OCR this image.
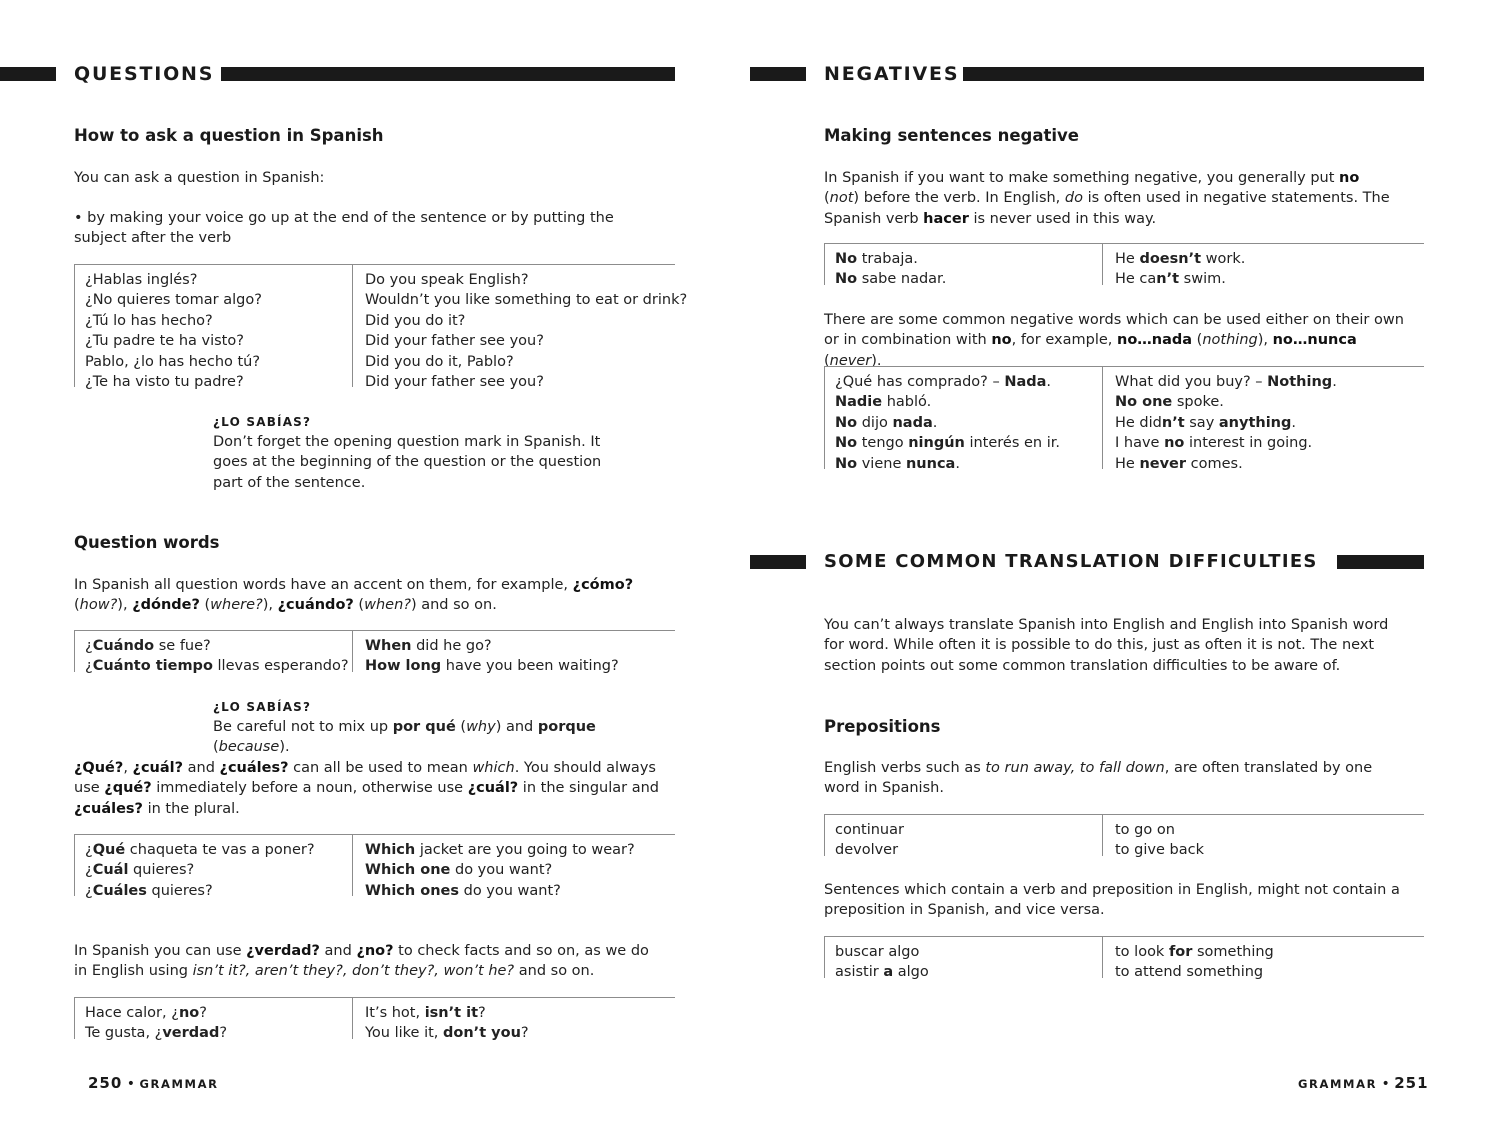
QUESTIONS
How to ask a question in Spanish
You can ask a question in Spanish:
• by making your voice go up at the end of the sentence or by putting the subject after the verb
¿Hablas inglés?
¿No quieres tomar algo?
¿Tú lo has hecho?
¿Tu padre te ha visto?
Pablo, ¿lo has hecho tú?
¿Te ha visto tu padre?
Do you speak English?
Wouldn’t you like something to eat or drink?
Did you do it?
Did your father see you?
Did you do it, Pablo?
Did your father see you?
¿LO SABÍAS?
Don’t forget the opening question mark in Spanish. It goes at the beginning of the question or the question part of the sentence.
Question words
In Spanish all question words have an accent on them, for example, ¿cómo? (how?), ¿dónde? (where?), ¿cuándo? (when?) and so on.
¿Cuándo se fue?
¿Cuánto tiempo llevas esperando?
When did he go?
How long have you been waiting?
¿LO SABÍAS?
Be careful not to mix up por qué (why) and porque (because).
¿Qué?, ¿cuál? and ¿cuáles? can all be used to mean which. You should always use ¿qué? immediately before a noun, otherwise use ¿cuál? in the singular and ¿cuáles? in the plural.
¿Qué chaqueta te vas a poner?
¿Cuál quieres?
¿Cuáles quieres?
Which jacket are you going to wear?
Which one do you want?
Which ones do you want?
In Spanish you can use ¿verdad? and ¿no? to check facts and so on, as we do in English using isn’t it?, aren’t they?, don’t they?, won’t he? and so on.
Hace calor, ¿no?
Te gusta, ¿verdad?
It’s hot, isn’t it?
You like it, don’t you?
250 • GRAMMAR
NEGATIVES
Making sentences negative
In Spanish if you want to make something negative, you generally put no (not) before the verb. In English, do is often used in negative statements. The Spanish verb hacer is never used in this way.
No trabaja.
No sabe nadar.
He doesn’t work.
He can’t swim.
There are some common negative words which can be used either on their own or in combination with no, for example, no…nada (nothing), no…nunca (never).
¿Qué has comprado? – Nada.
Nadie habló.
No dijo nada.
No tengo ningún interés en ir.
No viene nunca.
What did you buy? – Nothing.
No one spoke.
He didn’t say anything.
I have no interest in going.
He never comes.
SOME COMMON TRANSLATION DIFFICULTIES
You can’t always translate Spanish into English and English into Spanish word for word. While often it is possible to do this, just as often it is not. The next section points out some common translation difficulties to be aware of.
Prepositions
English verbs such as to run away, to fall down, are often translated by one word in Spanish.
continuar
devolver
to go on
to give back
Sentences which contain a verb and preposition in English, might not contain a preposition in Spanish, and vice versa.
buscar algo
asistir a algo
to look for something
to attend something
GRAMMAR • 251
